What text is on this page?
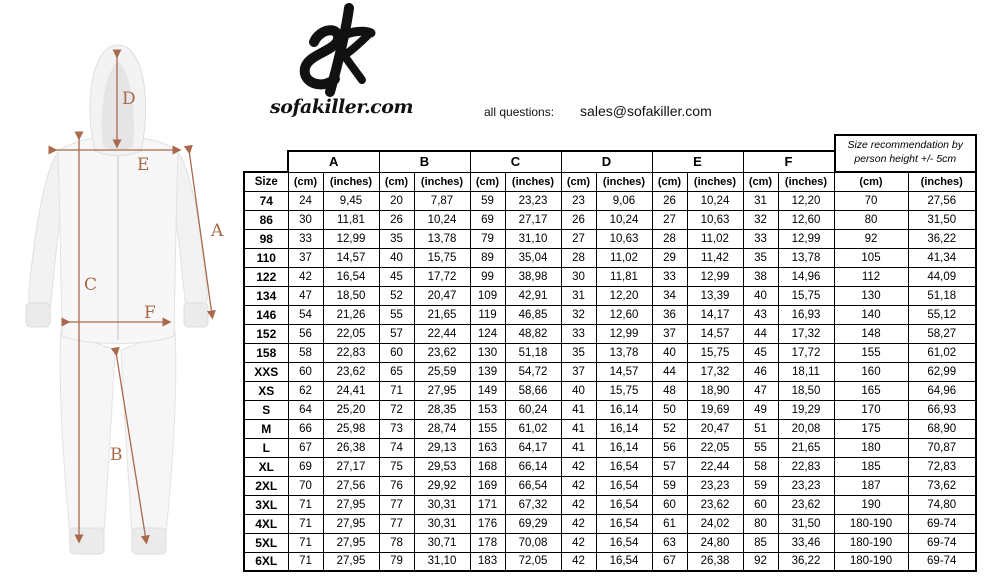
D
E
A
C
F
B
sofakiller.com	all questions: sales@sofakiller.com
	A		B		C		D		E		F		Size recommendation by
person height +/- 5cm	

Size	(cm)	(inches)	(cm)	(inches)	(cm)	(inches)	(cm)	(inches)	(cm)	(inches)	(cm)	(inches)	(cm)	(inches)
74	24	9,45	20	7,87	59	23,23	23	9,06	26	10,24	31	12,20	70	27,56
86	30	11,81	26	10,24	69	27,17	26	10,24	27	10,63	32	12,60	80	31,50
98	33	12,99	35	13,78	79	31,10	27	10,63	28	11,02	33	12,99	92	36,22
110	37	14,57	40	15,75	89	35,04	28	11,02	29	11,42	35	13,78	105	41,34
122	42	16,54	45	17,72	99	38,98	30	11,81	33	12,99	38	14,96	112	44,09
134	47	18,50	52	20,47	109	42,91	31	12,20	34	13,39	40	15,75	130	51,18
146	54	21,26	55	21,65	119	46,85	32	12,60	36	14,17	43	16,93	140	55,12
152	56	22,05	57	22,44	124	48,82	33	12,99	37	14,57	44	17,32	148	58,27
158	58	22,83	60	23,62	130	51,18	35	13,78	40	15,75	45	17,72	155	61,02
XXS	60	23,62	65	25,59	139	54,72	37	14,57	44	17,32	46	18,11	160	62,99
XS	62	24,41	71	27,95	149	58,66	40	15,75	48	18,90	47	18,50	165	64,96
S	64	25,20	72	28,35	153	60,24	41	16,14	50	19,69	49	19,29	170	66,93
M	66	25,98	73	28,74	155	61,02	41	16,14	52	20,47	51	20,08	175	68,90
L	67	26,38	74	29,13	163	64,17	41	16,14	56	22,05	55	21,65	180	70,87
XL	69	27,17	75	29,53	168	66,14	42	16,54	57	22,44	58	22,83	185	72,83
2XL	70	27,56	76	29,92	169	66,54	42	16,54	59	23,23	59	23,23	187	73,62
3XL	71	27,95	77	30,31	171	67,32	42	16,54	60	23,62	60	23,62	190	74,80
4XL	71	27,95	77	30,31	176	69,29	42	16,54	61	24,02	80	31,50	180-190	69-74
5XL	71	27,95	78	30,71	178	70,08	42	16,54	63	24,80	85	33,46	180-190	69-74
6XL	71	27,95	79	31,10	183	72,05	42	16,54	67	26,38	92	36,22	180-190	69-74
